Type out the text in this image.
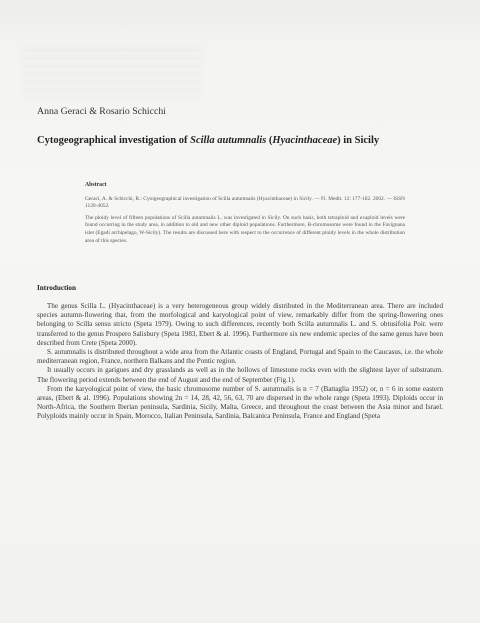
Anna Geraci & Rosario Schicchi
Cytogeographical investigation of Scilla autumnalis (Hyacinthaceae) in Sicily
Abstract
Geraci, A. & Schicchi, R.: Cytogeographical investigation of Scilla autumnalis (Hyacinthaceae) in Sicily. — Fl. Medit. 12: 177-182. 2002. — ISSN 1120-4052.
The ploidy level of fifteen populations of Scilla autumnalis L. was investigated in Sicily. On such basis, both tetraploid and exaploid levels were found occurring in the study area, in addition to old and new other diploid populations. Furthermore, B-chromosome were found in the Favignana islet (Egadi archipelago, W-Sicily). The results are discussed here with respect to the occurrence of different ploidy levels in the whole distribution area of this species.
Introduction

The genus Scilla L. (Hyacinthaceae) is a very heterogeneous group widely distributed in the Mediterranean area. There are included species autumn-flowering that, from the morfological and karyological point of view, remarkably differ from the spring-flowering ones belonging to Scilla sensu stricto (Speta 1979). Owing to such differences, recently both Scilla autumnalis L. and S. obtusifolia Poir. were transferred to the genus Prospero Salisbury (Speta 1983, Ebert & al. 1996). Furthermore six new endemic species of the same genus have been described from Crete (Speta 2000).

S. autumnalis is distributed throughout a wide area from the Atlantic coasts of England, Portugal and Spain to the Caucasus, i.e. the whole mediterranean region, France, northern Balkans and the Pontic region.

It usually occurs in garigues and dry grasslands as well as in the hollows of limestone rocks even with the slightest layer of substratum. The flowering period extends between the end of August and the end of September (Fig.1).

From the karyological point of view, the basic chromosome number of S. autumnalis is n = 7 (Battaglia 1952) or, n = 6 in some eastern areas, (Ebert & al. 1996). Populations showing 2n = 14, 28, 42, 56, 63, 70 are dispersed in the whole range (Speta 1993). Diploids occur in North-Africa, the Southern Iberian peninsula, Sardinia, Sicily, Malta, Greece, and throughout the coast between the Asia minor and Israel. Polyploids mainly occur in Spain, Morocco, Italian Peninsula, Sardinia, Balcanica Peninsula, France and England (Speta
